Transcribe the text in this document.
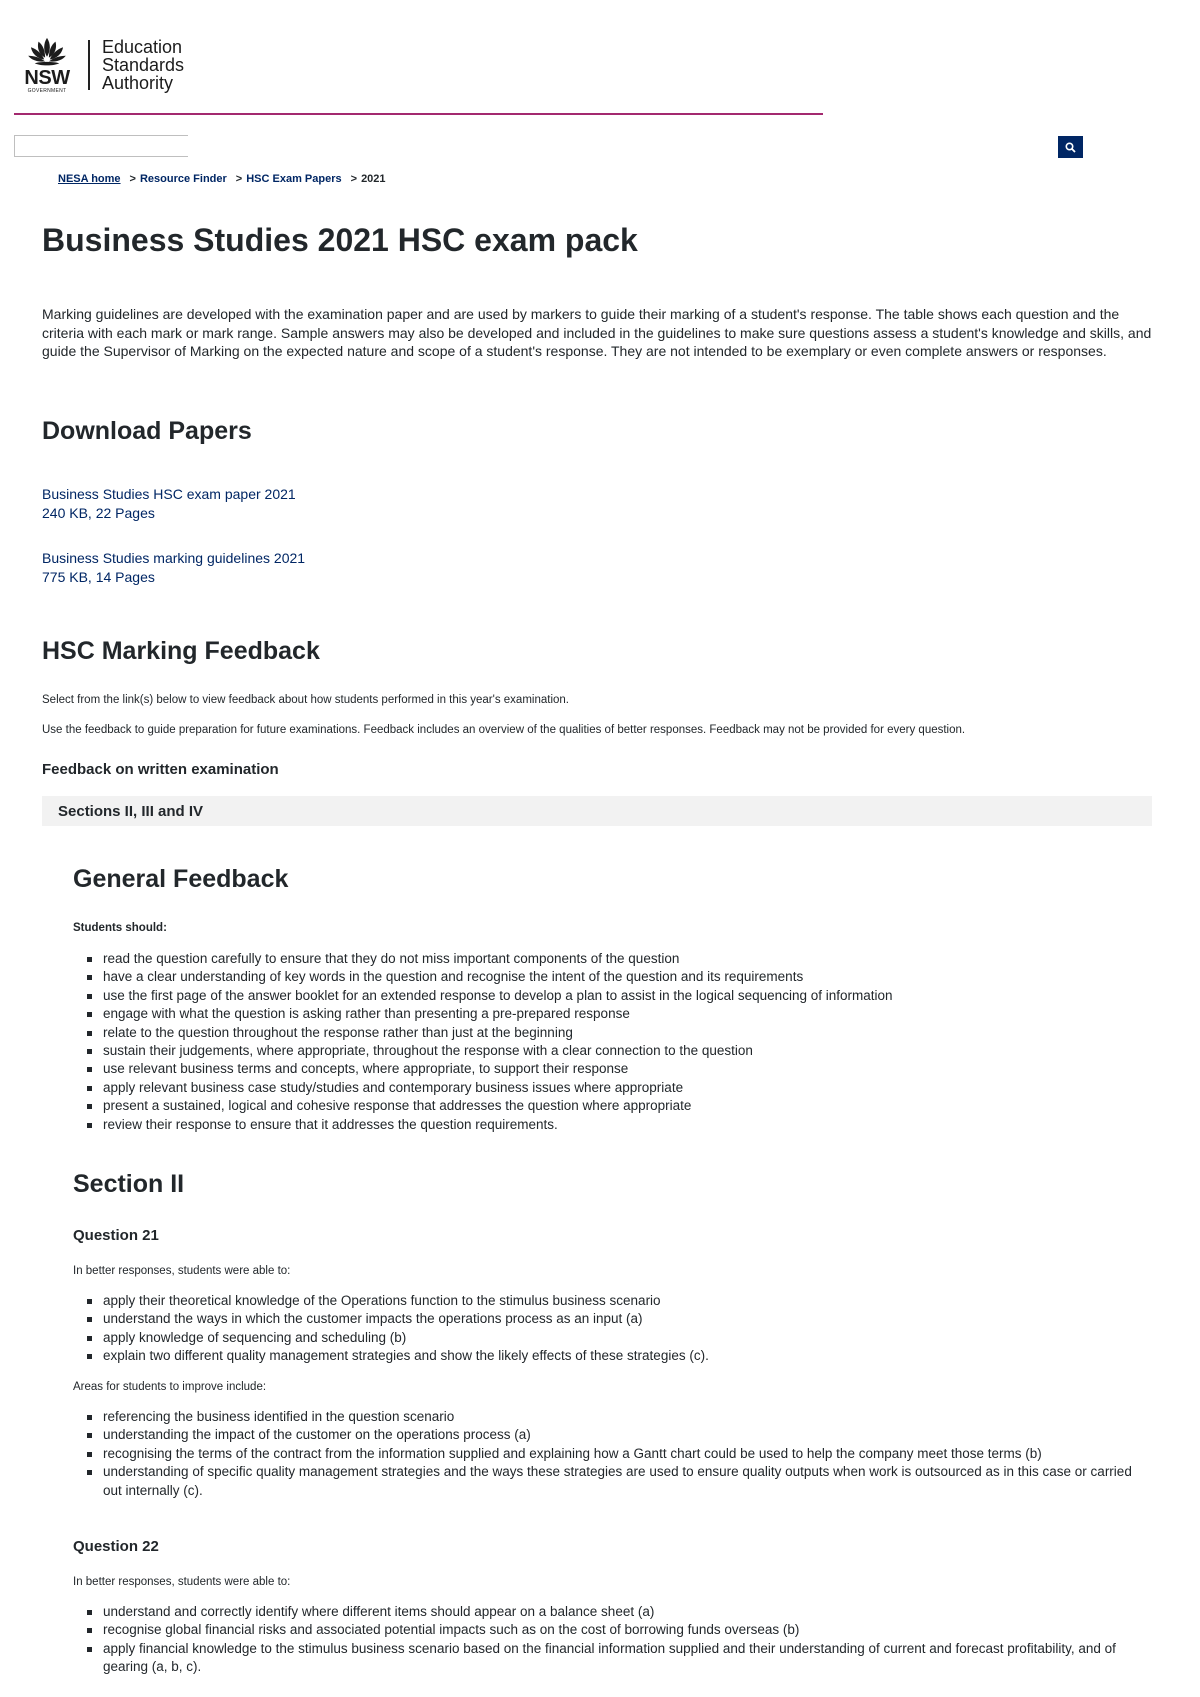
NSW
GOVERNMENT
Education
Standards
Authority
NESA home > Resource Finder > HSC Exam Papers > 2021
Business Studies 2021 HSC exam pack

Marking guidelines are developed with the examination paper and are used by markers to guide their marking of a student's response. The table shows each question and the criteria with each mark or mark range. Sample answers may also be developed and included in the guidelines to make sure questions assess a student's knowledge and skills, and guide the Supervisor of Marking on the expected nature and scope of a student's response. They are not intended to be exemplary or even complete answers or responses.

Download Papers
Business Studies HSC exam paper 2021
240 KB, 22 Pages
Business Studies marking guidelines 2021
775 KB, 14 Pages
HSC Marking Feedback

Select from the link(s) below to view feedback about how students performed in this year's examination.

Use the feedback to guide preparation for future examinations. Feedback includes an overview of the qualities of better responses. Feedback may not be provided for every question.

Feedback on written examination
Sections II, III and IV
General Feedback

Students should:

read the question carefully to ensure that they do not miss important components of the question
have a clear understanding of key words in the question and recognise the intent of the question and its requirements
use the first page of the answer booklet for an extended response to develop a plan to assist in the logical sequencing of information
engage with what the question is asking rather than presenting a pre-prepared response
relate to the question throughout the response rather than just at the beginning
sustain their judgements, where appropriate, throughout the response with a clear connection to the question
use relevant business terms and concepts, where appropriate, to support their response
apply relevant business case study/studies and contemporary business issues where appropriate
present a sustained, logical and cohesive response that addresses the question where appropriate
review their response to ensure that it addresses the question requirements.
Section II
Question 21

In better responses, students were able to:

apply their theoretical knowledge of the Operations function to the stimulus business scenario
understand the ways in which the customer impacts the operations process as an input (a)
apply knowledge of sequencing and scheduling (b)
explain two different quality management strategies and show the likely effects of these strategies (c).

Areas for students to improve include:

referencing the business identified in the question scenario
understanding the impact of the customer on the operations process (a)
recognising the terms of the contract from the information supplied and explaining how a Gantt chart could be used to help the company meet those terms (b)
understanding of specific quality management strategies and the ways these strategies are used to ensure quality outputs when work is outsourced as in this case or carried out internally (c).
Question 22

In better responses, students were able to:

understand and correctly identify where different items should appear on a balance sheet (a)
recognise global financial risks and associated potential impacts such as on the cost of borrowing funds overseas (b)
apply financial knowledge to the stimulus business scenario based on the financial information supplied and their understanding of current and forecast profitability, and of gearing (a, b, c).
